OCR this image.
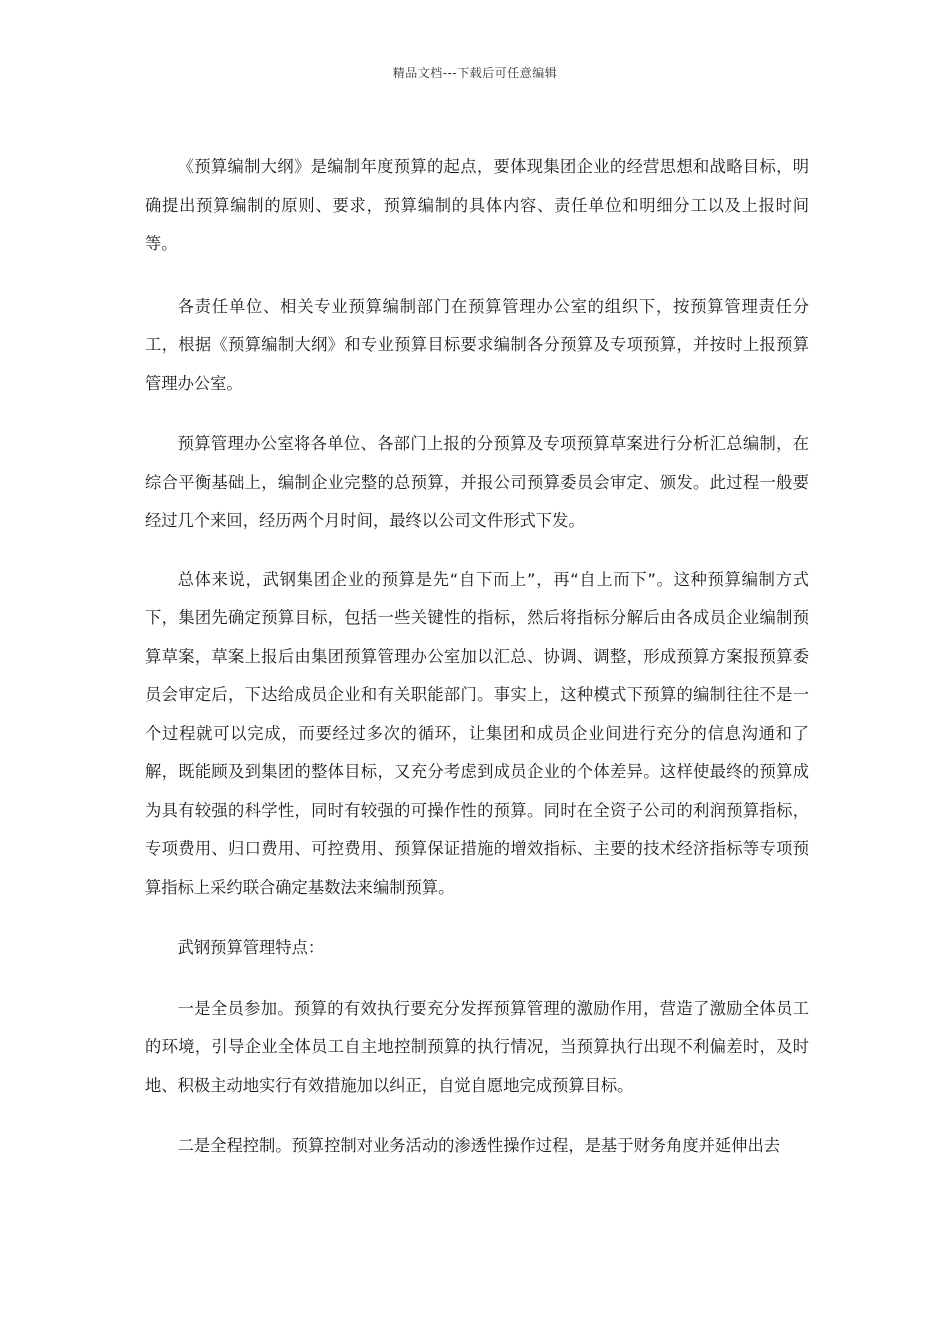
精品文档---下载后可任意编辑

《预算编制大纲》是编制年度预算的起点，要体现集团企业的经营思想和战略目标，明确提出预算编制的原则、要求，预算编制的具体内容、责任单位和明细分工以及上报时间等。

各责任单位、相关专业预算编制部门在预算管理办公室的组织下，按预算管理责任分工，根据《预算编制大纲》和专业预算目标要求编制各分预算及专项预算，并按时上报预算管理办公室。

预算管理办公室将各单位、各部门上报的分预算及专项预算草案进行分析汇总编制，在综合平衡基础上，编制企业完整的总预算，并报公司预算委员会审定、颁发。此过程一般要经过几个来回，经历两个月时间，最终以公司文件形式下发。

总体来说，武钢集团企业的预算是先“自下而上”，再“自上而下”。这种预算编制方式下，集团先确定预算目标，包括一些关键性的指标，然后将指标分解后由各成员企业编制预算草案，草案上报后由集团预算管理办公室加以汇总、协调、调整，形成预算方案报预算委员会审定后，下达给成员企业和有关职能部门。事实上，这种模式下预算的编制往往不是一个过程就可以完成，而要经过多次的循环，让集团和成员企业间进行充分的信息沟通和了解，既能顾及到集团的整体目标，又充分考虑到成员企业的个体差异。这样使最终的预算成为具有较强的科学性，同时有较强的可操作性的预算。同时在全资子公司的利润预算指标，专项费用、归口费用、可控费用、预算保证措施的增效指标、主要的技术经济指标等专项预算指标上采约联合确定基数法来编制预算。

武钢预算管理特点：

一是全员参加。预算的有效执行要充分发挥预算管理的激励作用，营造了激励全体员工的环境，引导企业全体员工自主地控制预算的执行情况，当预算执行出现不利偏差时，及时地、积极主动地实行有效措施加以纠正，自觉自愿地完成预算目标。

二是全程控制。预算控制对业务活动的渗透性操作过程，是基于财务角度并延伸出去
